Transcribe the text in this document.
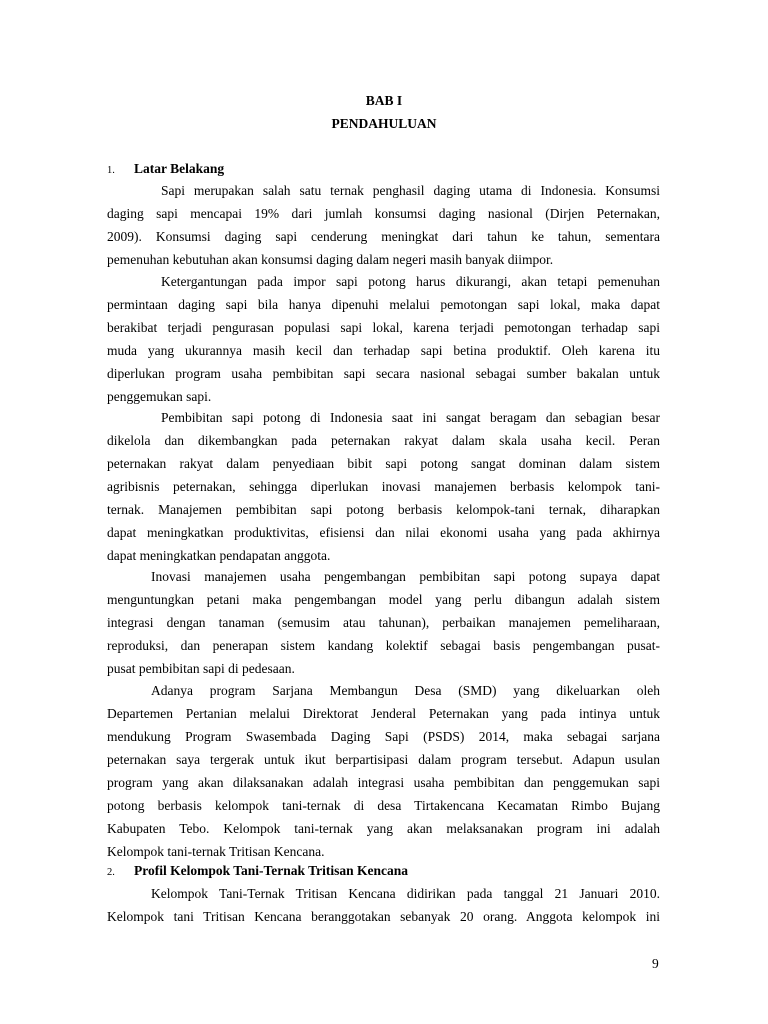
BAB I
PENDAHULUAN
1. Latar Belakang
Sapi merupakan salah satu ternak penghasil daging utama di Indonesia. Konsumsi
daging sapi mencapai 19% dari jumlah konsumsi daging nasional (Dirjen Peternakan,
2009). Konsumsi daging sapi cenderung meningkat dari tahun ke tahun, sementara
pemenuhan kebutuhan akan konsumsi daging dalam negeri masih banyak diimpor.
Ketergantungan pada impor sapi potong harus dikurangi, akan tetapi pemenuhan
permintaan daging sapi bila hanya dipenuhi melalui pemotongan sapi lokal, maka dapat
berakibat terjadi pengurasan populasi sapi lokal, karena terjadi pemotongan terhadap sapi
muda yang ukurannya masih kecil dan terhadap sapi betina produktif. Oleh karena itu
diperlukan program usaha pembibitan sapi secara nasional sebagai sumber bakalan untuk
penggemukan sapi.
Pembibitan sapi potong di Indonesia saat ini sangat beragam dan sebagian besar
dikelola dan dikembangkan pada peternakan rakyat dalam skala usaha kecil. Peran
peternakan rakyat dalam penyediaan bibit sapi potong sangat dominan dalam sistem
agribisnis peternakan, sehingga diperlukan inovasi manajemen berbasis kelompok tani-
ternak. Manajemen pembibitan sapi potong berbasis kelompok-tani ternak, diharapkan
dapat meningkatkan produktivitas, efisiensi dan nilai ekonomi usaha yang pada akhirnya
dapat meningkatkan pendapatan anggota.
Inovasi manajemen usaha pengembangan pembibitan sapi potong supaya dapat
menguntungkan petani maka pengembangan model yang perlu dibangun adalah sistem
integrasi dengan tanaman (semusim atau tahunan), perbaikan manajemen pemeliharaan,
reproduksi, dan penerapan sistem kandang kolektif sebagai basis pengembangan pusat-
pusat pembibitan sapi di pedesaan.
Adanya program Sarjana Membangun Desa (SMD) yang dikeluarkan oleh
Departemen Pertanian melalui Direktorat Jenderal Peternakan yang pada intinya untuk
mendukung Program Swasembada Daging Sapi (PSDS) 2014, maka sebagai sarjana
peternakan saya tergerak untuk ikut berpartisipasi dalam program tersebut. Adapun usulan
program yang akan dilaksanakan adalah integrasi usaha pembibitan dan penggemukan sapi
potong berbasis kelompok tani-ternak di desa Tirtakencana Kecamatan Rimbo Bujang
Kabupaten Tebo. Kelompok tani-ternak yang akan melaksanakan program ini adalah
Kelompok tani-ternak Tritisan Kencana.
2. Profil Kelompok Tani-Ternak Tritisan Kencana
Kelompok Tani-Ternak Tritisan Kencana didirikan pada tanggal 21 Januari 2010.
Kelompok tani Tritisan Kencana beranggotakan sebanyak 20 orang. Anggota kelompok ini
9
